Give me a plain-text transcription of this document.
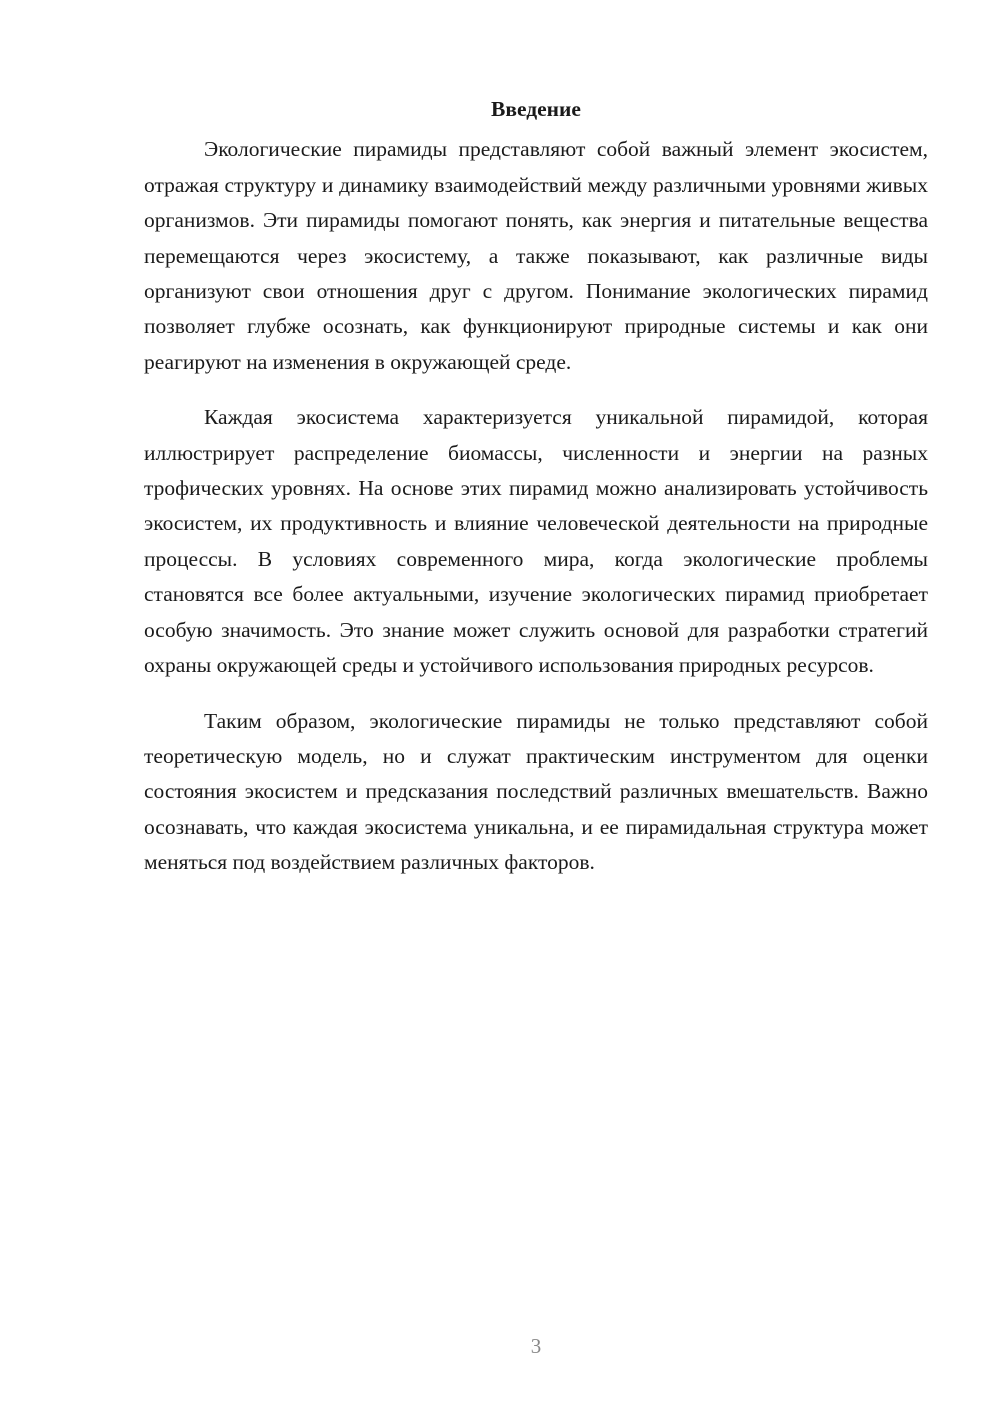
Введение

Экологические пирамиды представляют собой важный элемент экосистем, отражая структуру и динамику взаимодействий между различными уровнями живых организмов. Эти пирамиды помогают понять, как энергия и питательные вещества перемещаются через экосистему, а также показывают, как различные виды организуют свои отношения друг с другом. Понимание экологических пирамид позволяет глубже осознать, как функционируют природные системы и как они реагируют на изменения в окружающей среде.

Каждая экосистема характеризуется уникальной пирамидой, которая иллюстрирует распределение биомассы, численности и энергии на разных трофических уровнях. На основе этих пирамид можно анализировать устойчивость экосистем, их продуктивность и влияние человеческой деятельности на природные процессы. В условиях современного мира, когда экологические проблемы становятся все более актуальными, изучение экологических пирамид приобретает особую значимость. Это знание может служить основой для разработки стратегий охраны окружающей среды и устойчивого использования природных ресурсов.

Таким образом, экологические пирамиды не только представляют собой теоретическую модель, но и служат практическим инструментом для оценки состояния экосистем и предсказания последствий различных вмешательств. Важно осознавать, что каждая экосистема уникальна, и ее пирамидальная структура может меняться под воздействием различных факторов.

3
